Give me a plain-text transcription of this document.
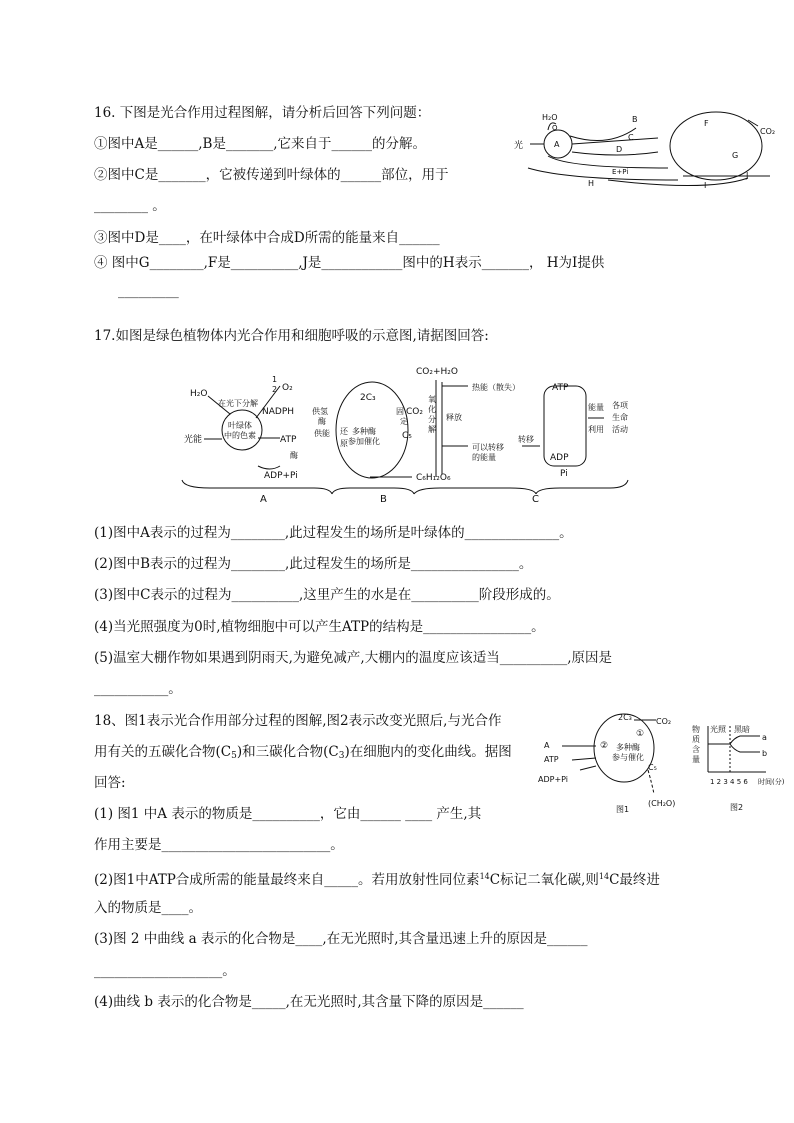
16. 下图是光合作用过程图解，请分析后回答下列问题：
①图中A是______,B是_______,它来自于______的分解。
②图中C是_______，它被传递到叶绿体的______部位，用于
________ 。
③图中D是____，在叶绿体中合成D所需的能量来自______
④ 图中G________,F是__________,J是____________图中的H表示_______， H为I提供
_________
H₂O
O
光	A
B
C
D
E+Pi
F
CO₂
G
H	I
J
17.如图是绿色植物体内光合作用和细胞呼吸的示意图,请据图回答:
H₂O
在光下分解
1
2 O₂
NADPH
叶绿体
中的色素
光能	ATP
酶
ADP+Pi
供氢
酶
供能
2C₃
固
定
CO₂
C₅
还
原
多种酶
参加催化
C₆H₁₂O₆
CO₂+H₂O
氧
化
分
解
释放
热能（散失）
可以转移
的能量
转移
ATP
ADP
Pi
能量
利用
各项
生命
活动
A	B	C
(1)图中A表示的过程为________,此过程发生的场所是叶绿体的______________。
(2)图中B表示的过程为________,此过程发生的场所是________________。
(3)图中C表示的过程为__________,这里产生的水是在__________阶段形成的。
(4)当光照强度为0时,植物细胞中可以产生ATP的结构是________________。
(5)温室大棚作物如果遇到阴雨天,为避免减产,大棚内的温度应该适当__________,原因是
___________。
18、图1表示光合作用部分过程的图解,图2表示改变光照后,与光合作
用有关的五碳化合物$(C_5)$和三碳化合物$(C_3)$在细胞内的变化曲线。据图
回答:
(1) 图1 中A 表示的物质是__________，它由______ ____ 产生,其
作用主要是_________________________。
(2)图1中ATP合成所需的能量最终来自_____。若用放射性同位素$^{14}$C标记二氧化碳,则$^{14}$C最终进
入的物质是____。
(3)图 2 中曲线 a 表示的化合物是____,在无光照时,其含量迅速上升的原因是______
___________________。
(4)曲线 b 表示的化合物是_____,在无光照时,其含量下降的原因是______
2C₃	CO₂
A
ATP
ADP+Pi
①
② 多种酶
参与催化
C₅
(CH₂O)
图1
物
质
含
量
光照 黑暗
a
b
1 2 3 4 5 6 时间(分)
图2
